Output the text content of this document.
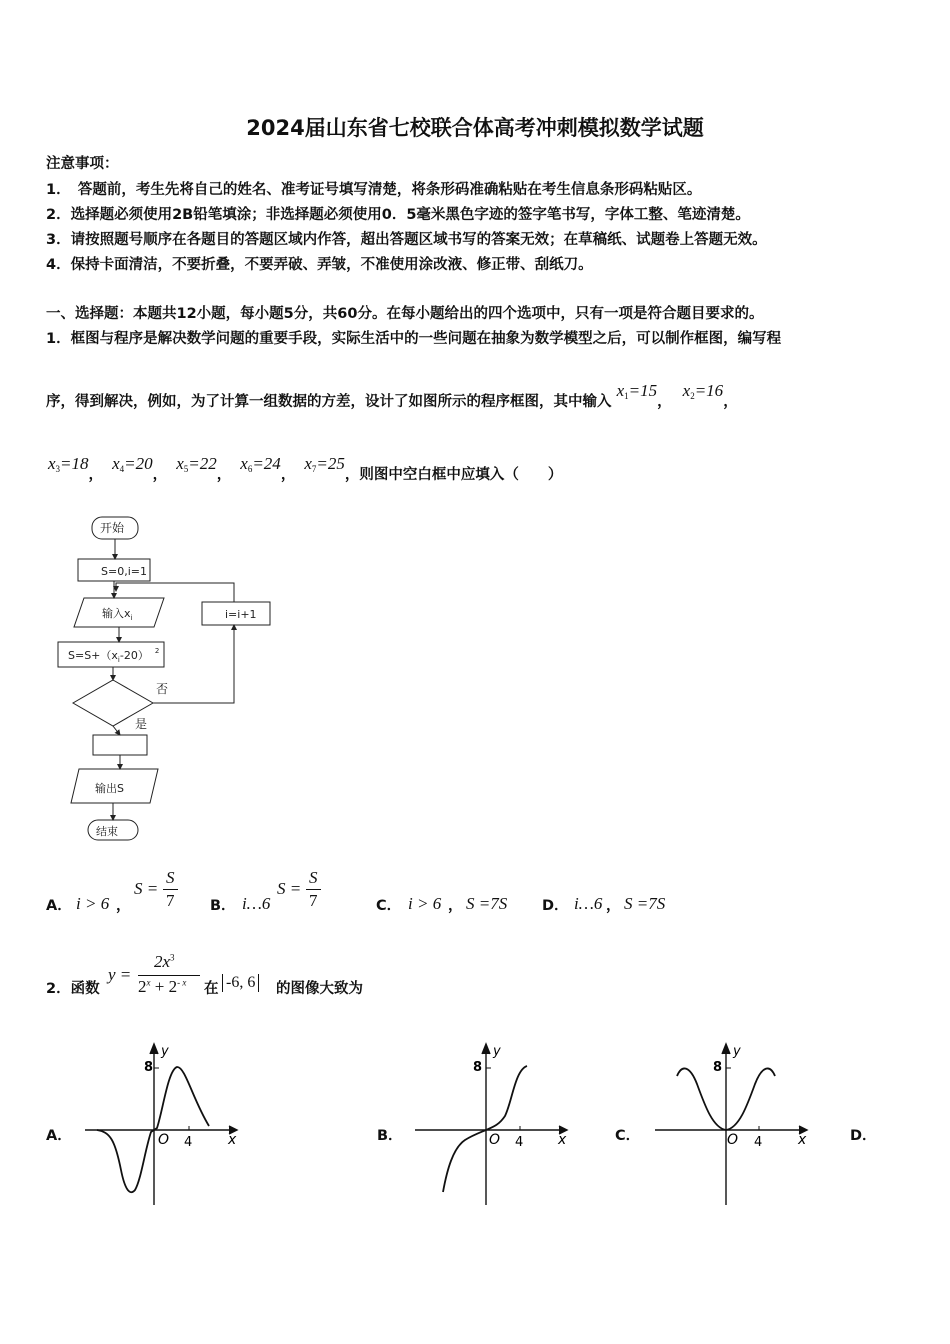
2024届山东省七校联合体高考冲刺模拟数学试题
注意事项：
1．　答题前，考生先将自己的姓名、准考证号填写清楚，将条形码准确粘贴在考生信息条形码粘贴区。
2．选择题必须使用2B铅笔填涂；非选择题必须使用0．5毫米黑色字迹的签字笔书写，字体工整、笔迹清楚。
3．请按照题号顺序在各题目的答题区域内作答，超出答题区域书写的答案无效；在草稿纸、试题卷上答题无效。
4．保持卡面清洁，不要折叠，不要弄破、弄皱，不准使用涂改液、修正带、刮纸刀。
一、选择题：本题共12小题，每小题5分，共60分。在每小题给出的四个选项中，只有一项是符合题目要求的。
1．框图与程序是解决数学问题的重要手段，实际生活中的一些问题在抽象为数学模型之后，可以制作框图，编写程
序，得到解决，例如，为了计算一组数据的方差，设计了如图所示的程序框图，其中输入 $x_1=15$， $x_2=16$，
$x_3=18$， $x_4=20$， $x_5=22$， $x_6=24$， $x_7=25$，则图中空白框中应填入（　　）
开始
S=0,i=1
输入$x_i$
$S=S+(x_i-20)$ $^2$
i=i+1
否
是
输出S
结束
A． i > 6 ，
S =
S
7 B． i…6
S =
S
7	C． i > 6 ， S =7S D． i…6 ， S =7S
2．函数
y =
$2x^3$
$2^x + 2^{- x}$ 在 -6, 6 的图像大致为
A．
8
y
O 4	x	B．
8
y
O 4 x	C．
8
y
O 4	x	D．
